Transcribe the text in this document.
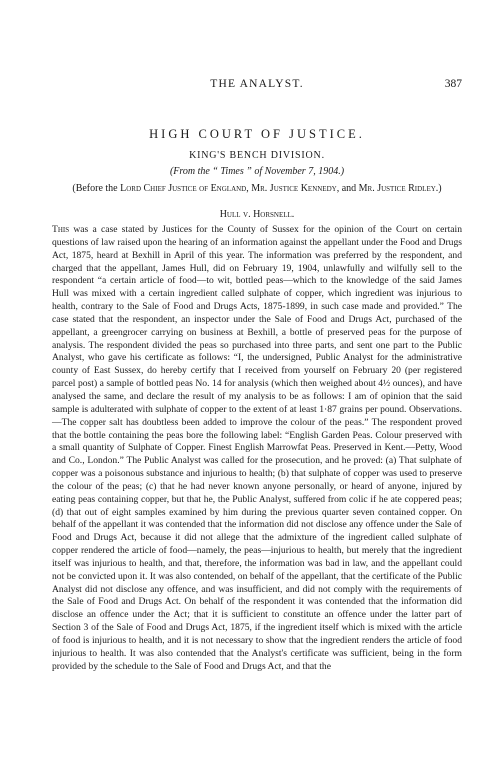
THE ANALYST.	387
HIGH COURT OF JUSTICE.
KING'S BENCH DIVISION.
(From the “ Times ” of November 7, 1904.)
(Before the Lord Chief Justice of England, Mr. Justice Kennedy, and Mr. Justice Ridley.)
Hull v. Horsnell.

This was a case stated by Justices for the County of Sussex for the opinion of the Court on certain questions of law raised upon the hearing of an information against the appellant under the Food and Drugs Act, 1875, heard at Bexhill in April of this year. The information was preferred by the respondent, and charged that the appellant, James Hull, did on February 19, 1904, unlawfully and wilfully sell to the respondent “a certain article of food—to wit, bottled peas—which to the knowledge of the said James Hull was mixed with a certain ingredient called sulphate of copper, which ingredient was injurious to health, contrary to the Sale of Food and Drugs Acts, 1875-1899, in such case made and provided.” The case stated that the respondent, an inspector under the Sale of Food and Drugs Act, purchased of the appellant, a greengrocer carrying on business at Bexhill, a bottle of preserved peas for the purpose of analysis. The respondent divided the peas so purchased into three parts, and sent one part to the Public Analyst, who gave his certificate as follows: “I, the undersigned, Public Analyst for the administrative county of East Sussex, do hereby certify that I received from yourself on February 20 (per registered parcel post) a sample of bottled peas No. 14 for analysis (which then weighed about 4½ ounces), and have analysed the same, and declare the result of my analysis to be as follows: I am of opinion that the said sample is adulterated with sulphate of copper to the extent of at least 1·87 grains per pound. Observations.—The copper salt has doubtless been added to improve the colour of the peas.” The respondent proved that the bottle containing the peas bore the following label: “English Garden Peas. Colour preserved with a small quantity of Sulphate of Copper. Finest English Marrowfat Peas. Preserved in Kent.—Petty, Wood and Co., London.” The Public Analyst was called for the prosecution, and he proved: (a) That sulphate of copper was a poisonous substance and injurious to health; (b) that sulphate of copper was used to preserve the colour of the peas; (c) that he had never known anyone personally, or heard of anyone, injured by eating peas containing copper, but that he, the Public Analyst, suffered from colic if he ate coppered peas; (d) that out of eight samples examined by him during the previous quarter seven contained copper. On behalf of the appellant it was contended that the information did not disclose any offence under the Sale of Food and Drugs Act, because it did not allege that the admixture of the ingredient called sulphate of copper rendered the article of food—namely, the peas—injurious to health, but merely that the ingredient itself was injurious to health, and that, therefore, the information was bad in law, and the appellant could not be convicted upon it. It was also contended, on behalf of the appellant, that the certificate of the Public Analyst did not disclose any offence, and was insufficient, and did not comply with the requirements of the Sale of Food and Drugs Act. On behalf of the respondent it was contended that the information did disclose an offence under the Act; that it is sufficient to constitute an offence under the latter part of Section 3 of the Sale of Food and Drugs Act, 1875, if the ingredient itself which is mixed with the article of food is injurious to health, and it is not necessary to show that the ingredient renders the article of food injurious to health. It was also contended that the Analyst's certificate was sufficient, being in the form provided by the schedule to the Sale of Food and Drugs Act, and that the
